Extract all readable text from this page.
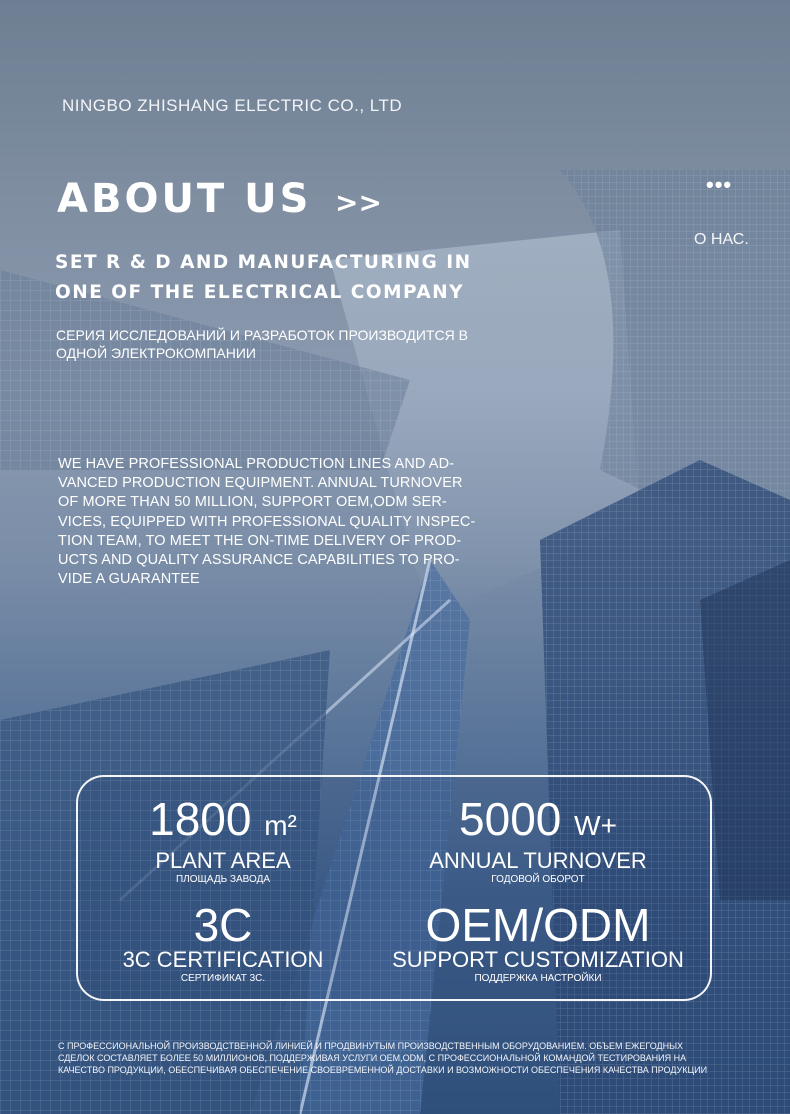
NINGBO ZHISHANG ELECTRIC CO., LTD
ABOUT US >>
•••
О НАС.
SET R & D AND MANUFACTURING IN
ONE OF THE ELECTRICAL COMPANY
СЕРИЯ ИССЛЕДОВАНИЙ И РАЗРАБОТОК ПРОИЗВОДИТСЯ В
ОДНОЙ ЭЛЕКТРОКОМПАНИИ
WE HAVE PROFESSIONAL PRODUCTION LINES AND AD-
VANCED PRODUCTION EQUIPMENT. ANNUAL TURNOVER
OF MORE THAN 50 MILLION, SUPPORT OEM,ODM SER-
VICES, EQUIPPED WITH PROFESSIONAL QUALITY INSPEC-
TION TEAM, TO MEET THE ON-TIME DELIVERY OF PROD-
UCTS AND QUALITY ASSURANCE CAPABILITIES TO PRO-
VIDE A GUARANTEE
1800 m²
PLANT AREA
ПЛОЩАДЬ ЗАВОДА
5000 W+
ANNUAL TURNOVER
ГОДОВОЙ ОБОРОТ
3C
3C CERTIFICATION
СЕРТИФИКАТ 3C.
OEM/ODM
SUPPORT CUSTOMIZATION
ПОДДЕРЖКА НАСТРОЙКИ
С ПРОФЕССИОНАЛЬНОЙ ПРОИЗВОДСТВЕННОЙ ЛИНИЕЙ И ПРОДВИНУТЫМ ПРОИЗВОДСТВЕННЫМ ОБОРУДОВАНИЕМ. ОБЪЕМ ЕЖЕГОДНЫХ
СДЕЛОК СОСТАВЛЯЕТ БОЛЕЕ 50 МИЛЛИОНОВ, ПОДДЕРЖИВАЯ УСЛУГИ OEM,ODM, С ПРОФЕССИОНАЛЬНОЙ КОМАНДОЙ ТЕСТИРОВАНИЯ НА
КАЧЕСТВО ПРОДУКЦИИ, ОБЕСПЕЧИВАЯ ОБЕСПЕЧЕНИЕ СВОЕВРЕМЕННОЙ ДОСТАВКИ И ВОЗМОЖНОСТИ ОБЕСПЕЧЕНИЯ КАЧЕСТВА ПРОДУКЦИИ
